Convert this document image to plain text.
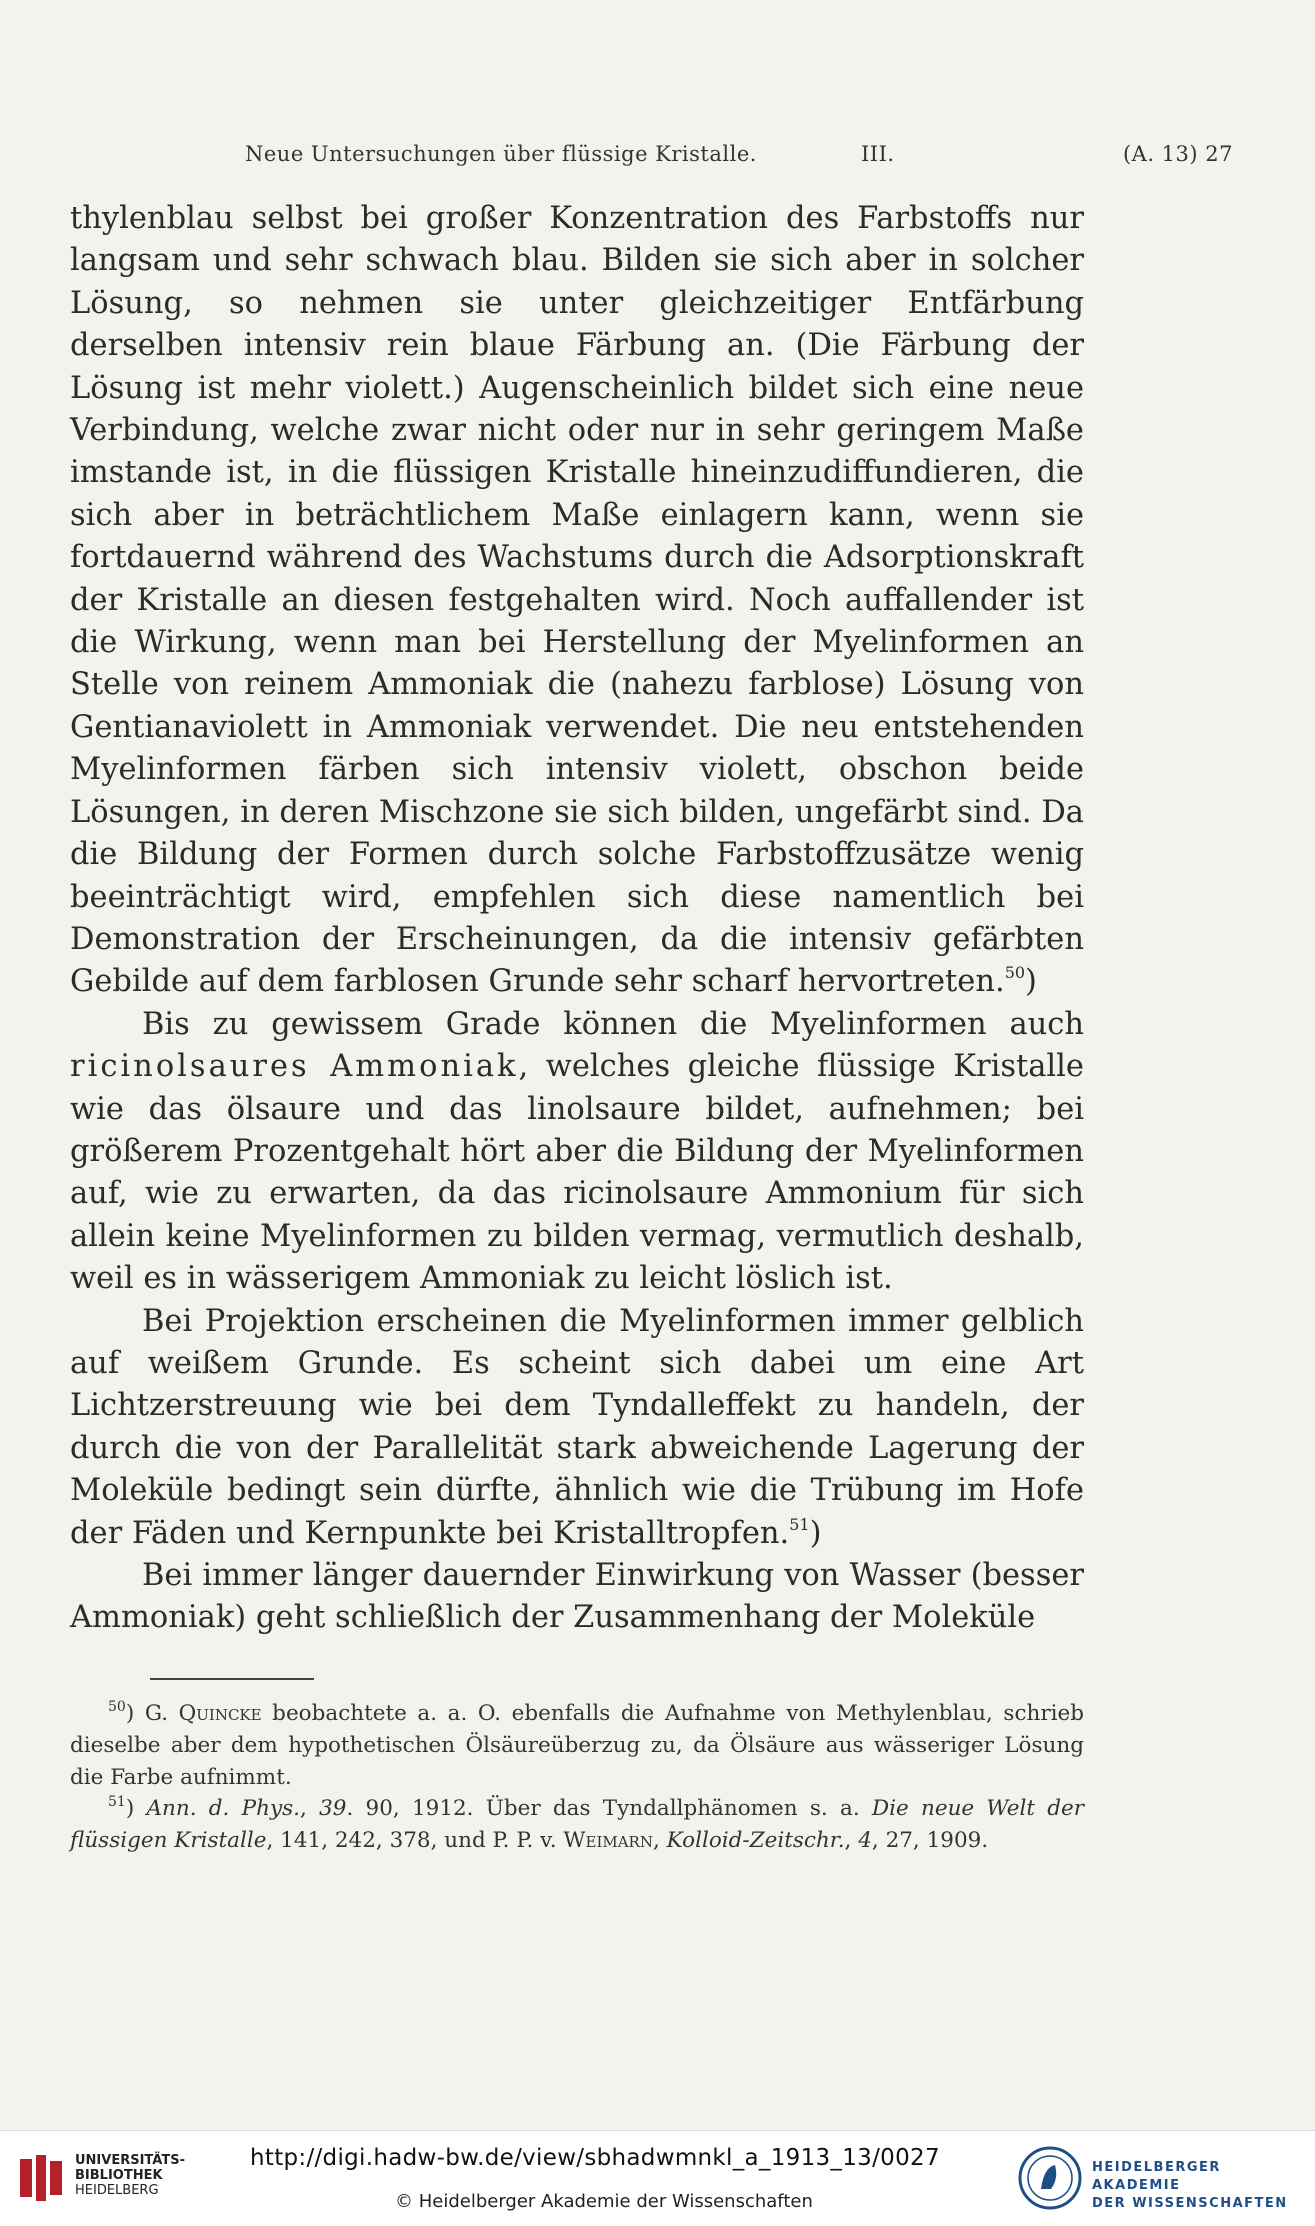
Neue Untersuchungen über flüssige Kristalle.	III.	(A. 13) 27

thylenblau selbst bei großer Konzentration des Farbstoffs nur langsam und sehr schwach blau. Bilden sie sich aber in solcher Lösung, so nehmen sie unter gleichzeitiger Entfärbung derselben intensiv rein blaue Färbung an. (Die Färbung der Lösung ist mehr violett.) Augenscheinlich bildet sich eine neue Verbindung, welche zwar nicht oder nur in sehr geringem Maße imstande ist, in die flüssigen Kristalle hineinzudiffundieren, die sich aber in beträchtlichem Maße einlagern kann, wenn sie fortdauernd während des Wachstums durch die Adsorptionskraft der Kristalle an diesen festgehalten wird. Noch auffallender ist die Wirkung, wenn man bei Herstellung der Myelinformen an Stelle von reinem Ammoniak die (nahezu farblose) Lösung von Gentianaviolett in Ammoniak verwendet. Die neu entstehenden Myelinformen färben sich intensiv violett, obschon beide Lösungen, in deren Mischzone sie sich bilden, ungefärbt sind. Da die Bildung der Formen durch solche Farbstoffzusätze wenig beeinträchtigt wird, empfehlen sich diese namentlich bei Demonstration der Erscheinungen, da die intensiv gefärbten Gebilde auf dem farblosen Grunde sehr scharf hervortreten.$^{50}$)

Bis zu gewissem Grade können die Myelinformen auch ricinolsaures Ammoniak, welches gleiche flüssige Kristalle wie das ölsaure und das linolsaure bildet, aufnehmen; bei größerem Prozentgehalt hört aber die Bildung der Myelinformen auf, wie zu erwarten, da das ricinolsaure Ammonium für sich allein keine Myelinformen zu bilden vermag, vermutlich deshalb, weil es in wässerigem Ammoniak zu leicht löslich ist.

Bei Projektion erscheinen die Myelinformen immer gelblich auf weißem Grunde. Es scheint sich dabei um eine Art Lichtzerstreuung wie bei dem Tyndalleffekt zu handeln, der durch die von der Parallelität stark abweichende Lagerung der Moleküle bedingt sein dürfte, ähnlich wie die Trübung im Hofe der Fäden und Kernpunkte bei Kristalltropfen.$^{51}$)

Bei immer länger dauernder Einwirkung von Wasser (besser Ammoniak) geht schließlich der Zusammenhang der Moleküle

$^{50}$) G. Quincke beobachtete a. a. O. ebenfalls die Aufnahme von Methylenblau, schrieb dieselbe aber dem hypothetischen Ölsäureüberzug zu, da Ölsäure aus wässeriger Lösung die Farbe aufnimmt.

$^{51}$) Ann. d. Phys., 39. 90, 1912. Über das Tyndallphänomen s. a. Die neue Welt der flüssigen Kristalle, 141, 242, 378, und P. P. v. Weimarn, Kolloid-Zeitschr., 4, 27, 1909.

UNIVERSITÄTS-
BIBLIOTHEK
HEIDELBERG
http://digi.hadw-bw.de/view/sbhadwmnkl_a_1913_13/0027
© Heidelberger Akademie der Wissenschaften
HEIDELBERGER AKADEMIE
DER WISSENSCHAFTEN
